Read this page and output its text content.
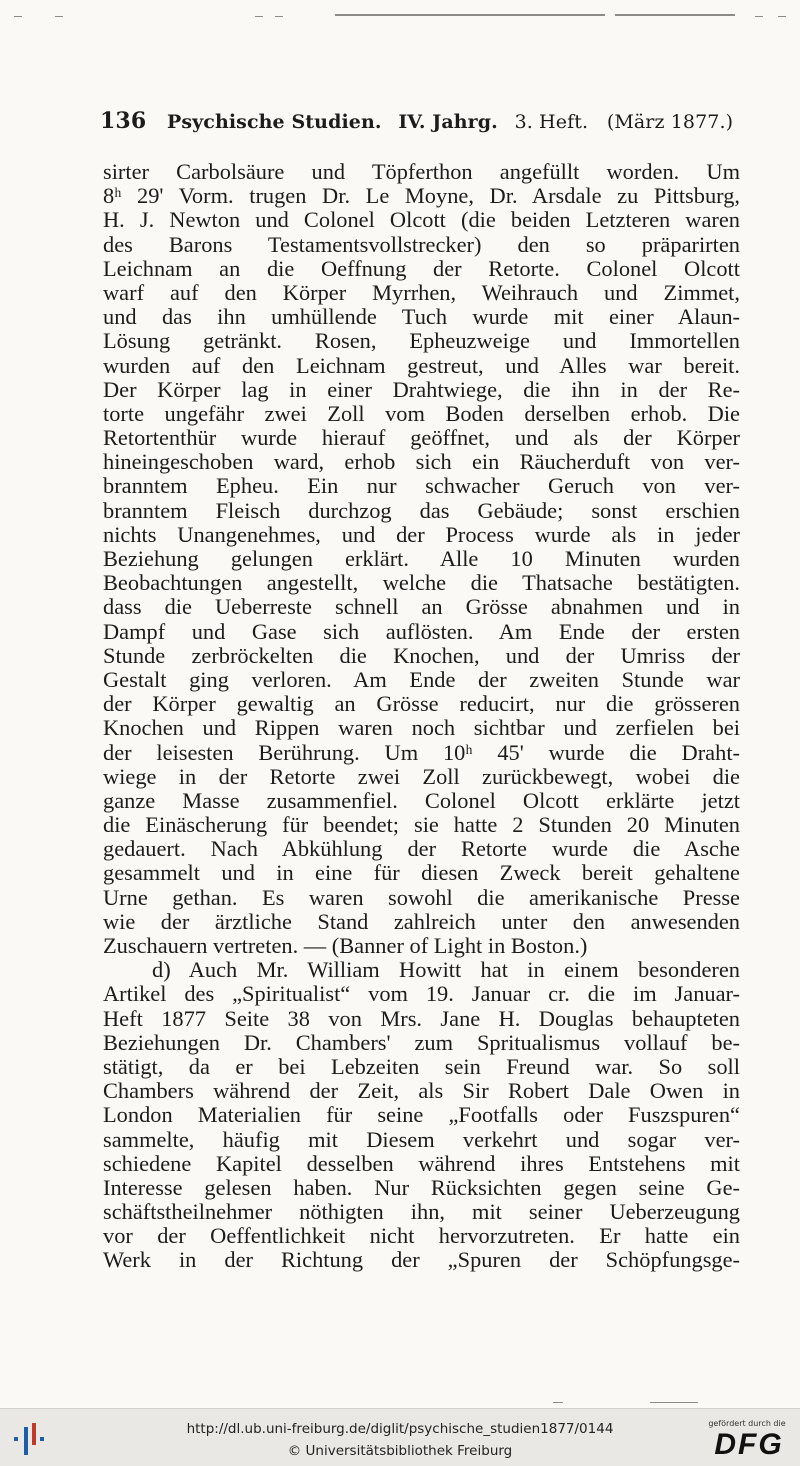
136 Psychische Studien. IV. Jahrg. 3. Heft. (März 1877.)
sirter Carbolsäure und Töpferthon angefüllt worden. Um
8ʰ 29' Vorm. trugen Dr. Le Moyne, Dr. Arsdale zu Pittsburg,
H. J. Newton und Colonel Olcott (die beiden Letzteren waren
des Barons Testamentsvollstrecker) den so präparirten
Leichnam an die Oeffnung der Retorte. Colonel Olcott
warf auf den Körper Myrrhen, Weihrauch und Zimmet,
und das ihn umhüllende Tuch wurde mit einer Alaun-
Lösung getränkt. Rosen, Epheuzweige und Immortellen
wurden auf den Leichnam gestreut, und Alles war bereit.
Der Körper lag in einer Drahtwiege, die ihn in der Re-
torte ungefähr zwei Zoll vom Boden derselben erhob. Die
Retortenthür wurde hierauf geöffnet, und als der Körper
hineingeschoben ward, erhob sich ein Räucherduft von ver-
branntem Epheu. Ein nur schwacher Geruch von ver-
branntem Fleisch durchzog das Gebäude; sonst erschien
nichts Unangenehmes, und der Process wurde als in jeder
Beziehung gelungen erklärt. Alle 10 Minuten wurden
Beobachtungen angestellt, welche die Thatsache bestätigten.
dass die Ueberreste schnell an Grösse abnahmen und in
Dampf und Gase sich auflösten. Am Ende der ersten
Stunde zerbröckelten die Knochen, und der Umriss der
Gestalt ging verloren. Am Ende der zweiten Stunde war
der Körper gewaltig an Grösse reducirt, nur die grösseren
Knochen und Rippen waren noch sichtbar und zerfielen bei
der leisesten Berührung. Um 10ʰ 45' wurde die Draht-
wiege in der Retorte zwei Zoll zurückbewegt, wobei die
ganze Masse zusammenfiel. Colonel Olcott erklärte jetzt
die Einäscherung für beendet; sie hatte 2 Stunden 20 Minuten
gedauert. Nach Abkühlung der Retorte wurde die Asche
gesammelt und in eine für diesen Zweck bereit gehaltene
Urne gethan. Es waren sowohl die amerikanische Presse
wie der ärztliche Stand zahlreich unter den anwesenden
Zuschauern vertreten. — (Banner of Light in Boston.)
d) Auch Mr. William Howitt hat in einem besonderen
Artikel des „Spiritualist“ vom 19. Januar cr. die im Januar-
Heft 1877 Seite 38 von Mrs. Jane H. Douglas behaupteten
Beziehungen Dr. Chambers' zum Spritualismus vollauf be-
stätigt, da er bei Lebzeiten sein Freund war. So soll
Chambers während der Zeit, als Sir Robert Dale Owen in
London Materialien für seine „Footfalls oder Fuszspuren“
sammelte, häufig mit Diesem verkehrt und sogar ver-
schiedene Kapitel desselben während ihres Entstehens mit
Interesse gelesen haben. Nur Rücksichten gegen seine Ge-
schäftstheilnehmer nöthigten ihn, mit seiner Ueberzeugung
vor der Oeffentlichkeit nicht hervorzutreten. Er hatte ein
Werk in der Richtung der „Spuren der Schöpfungsge-
http://dl.ub.uni-freiburg.de/diglit/psychische_studien1877/0144
© Universitätsbibliothek Freiburg
gefördert durch die
DFG
